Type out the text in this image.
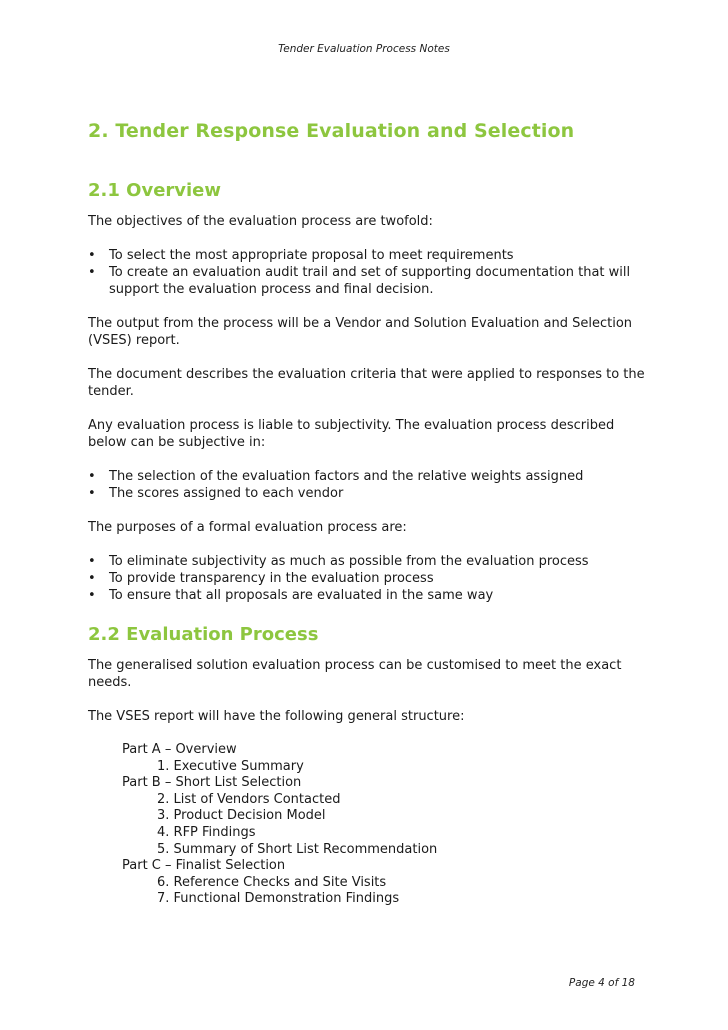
Tender Evaluation Process Notes
2. Tender Response Evaluation and Selection
2.1 Overview

The objectives of the evaluation process are twofold:

• To select the most appropriate proposal to meet requirements
• To create an evaluation audit trail and set of supporting documentation that will support the evaluation process and final decision.

The output from the process will be a Vendor and Solution Evaluation and Selection (VSES) report.

The document describes the evaluation criteria that were applied to responses to the tender.

Any evaluation process is liable to subjectivity. The evaluation process described below can be subjective in:

• The selection of the evaluation factors and the relative weights assigned
• The scores assigned to each vendor

The purposes of a formal evaluation process are:

• To eliminate subjectivity as much as possible from the evaluation process
• To provide transparency in the evaluation process
• To ensure that all proposals are evaluated in the same way
2.2 Evaluation Process

The generalised solution evaluation process can be customised to meet the exact needs.

The VSES report will have the following general structure:

Part A – Overview
1. Executive Summary
Part B – Short List Selection
2. List of Vendors Contacted
3. Product Decision Model
4. RFP Findings
5. Summary of Short List Recommendation
Part C – Finalist Selection
6. Reference Checks and Site Visits
7. Functional Demonstration Findings
Page 4 of 18
